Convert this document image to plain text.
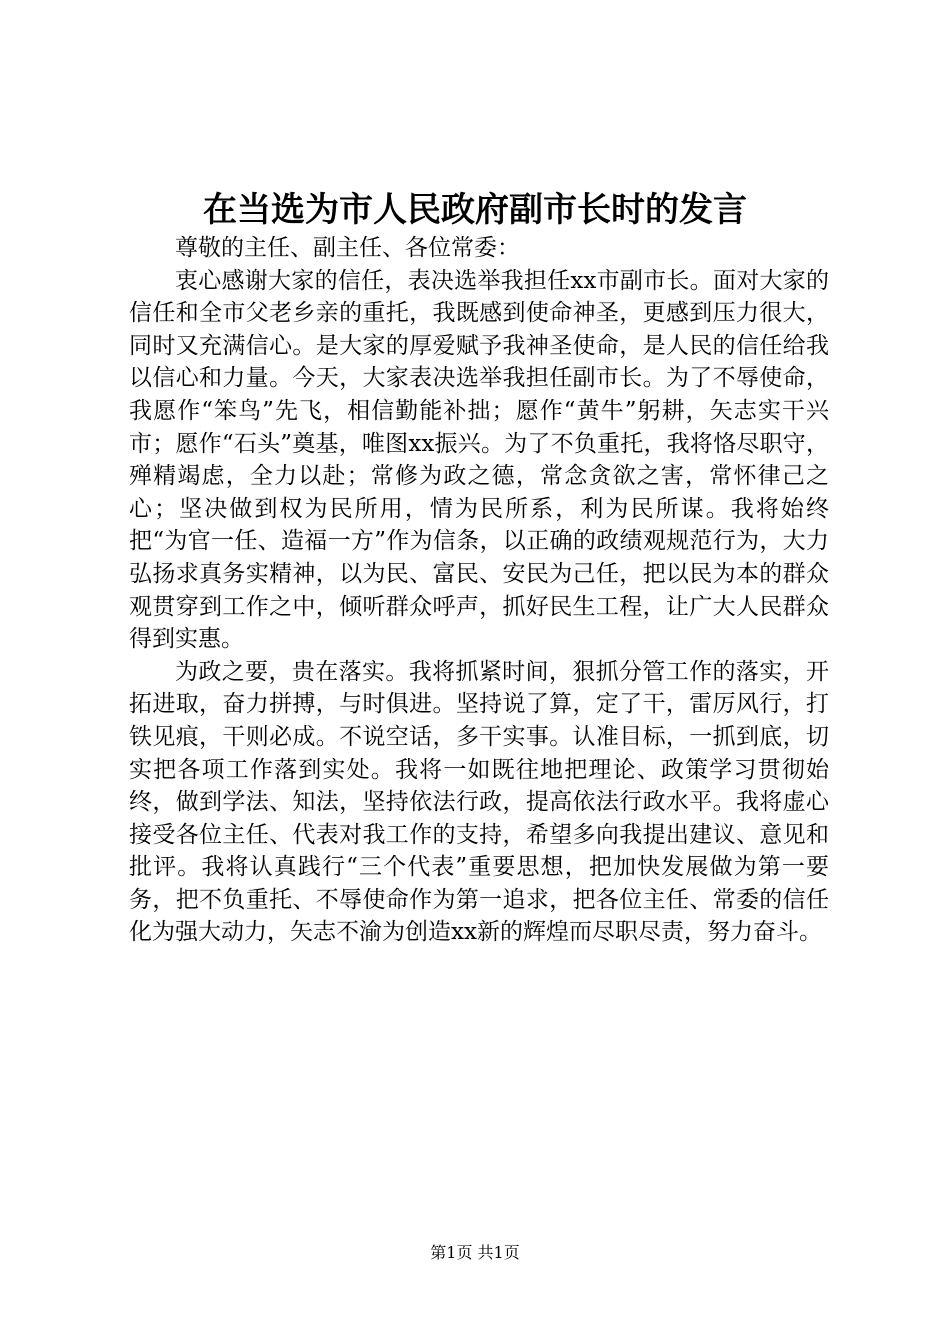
在当选为市人民政府副市长时的发言

尊敬的主任、副主任、各位常委：

衷心感谢大家的信任，表决选举我担任xx市副市长。面对大家的信任和全市父老乡亲的重托，我既感到使命神圣，更感到压力很大，同时又充满信心。是大家的厚爱赋予我神圣使命，是人民的信任给我以信心和力量。今天，大家表决选举我担任副市长。为了不辱使命，我愿作“笨鸟”先飞，相信勤能补拙；愿作“黄牛”躬耕，矢志实干兴市；愿作“石头”奠基，唯图xx振兴。为了不负重托，我将恪尽职守，殚精竭虑，全力以赴；常修为政之德，常念贪欲之害，常怀律己之心；坚决做到权为民所用，情为民所系，利为民所谋。我将始终把“为官一任、造福一方”作为信条，以正确的政绩观规范行为，大力弘扬求真务实精神，以为民、富民、安民为己任，把以民为本的群众观贯穿到工作之中，倾听群众呼声，抓好民生工程，让广大人民群众得到实惠。

为政之要，贵在落实。我将抓紧时间，狠抓分管工作的落实，开拓进取，奋力拼搏，与时俱进。坚持说了算，定了干，雷厉风行，打铁见痕，干则必成。不说空话，多干实事。认准目标，一抓到底，切实把各项工作落到实处。我将一如既往地把理论、政策学习贯彻始终，做到学法、知法，坚持依法行政，提高依法行政水平。我将虚心接受各位主任、代表对我工作的支持，希望多向我提出建议、意见和批评。我将认真践行“三个代表”重要思想，把加快发展做为第一要务，把不负重托、不辱使命作为第一追求，把各位主任、常委的信任化为强大动力，矢志不渝为创造xx新的辉煌而尽职尽责，努力奋斗。

第1页 共1页
